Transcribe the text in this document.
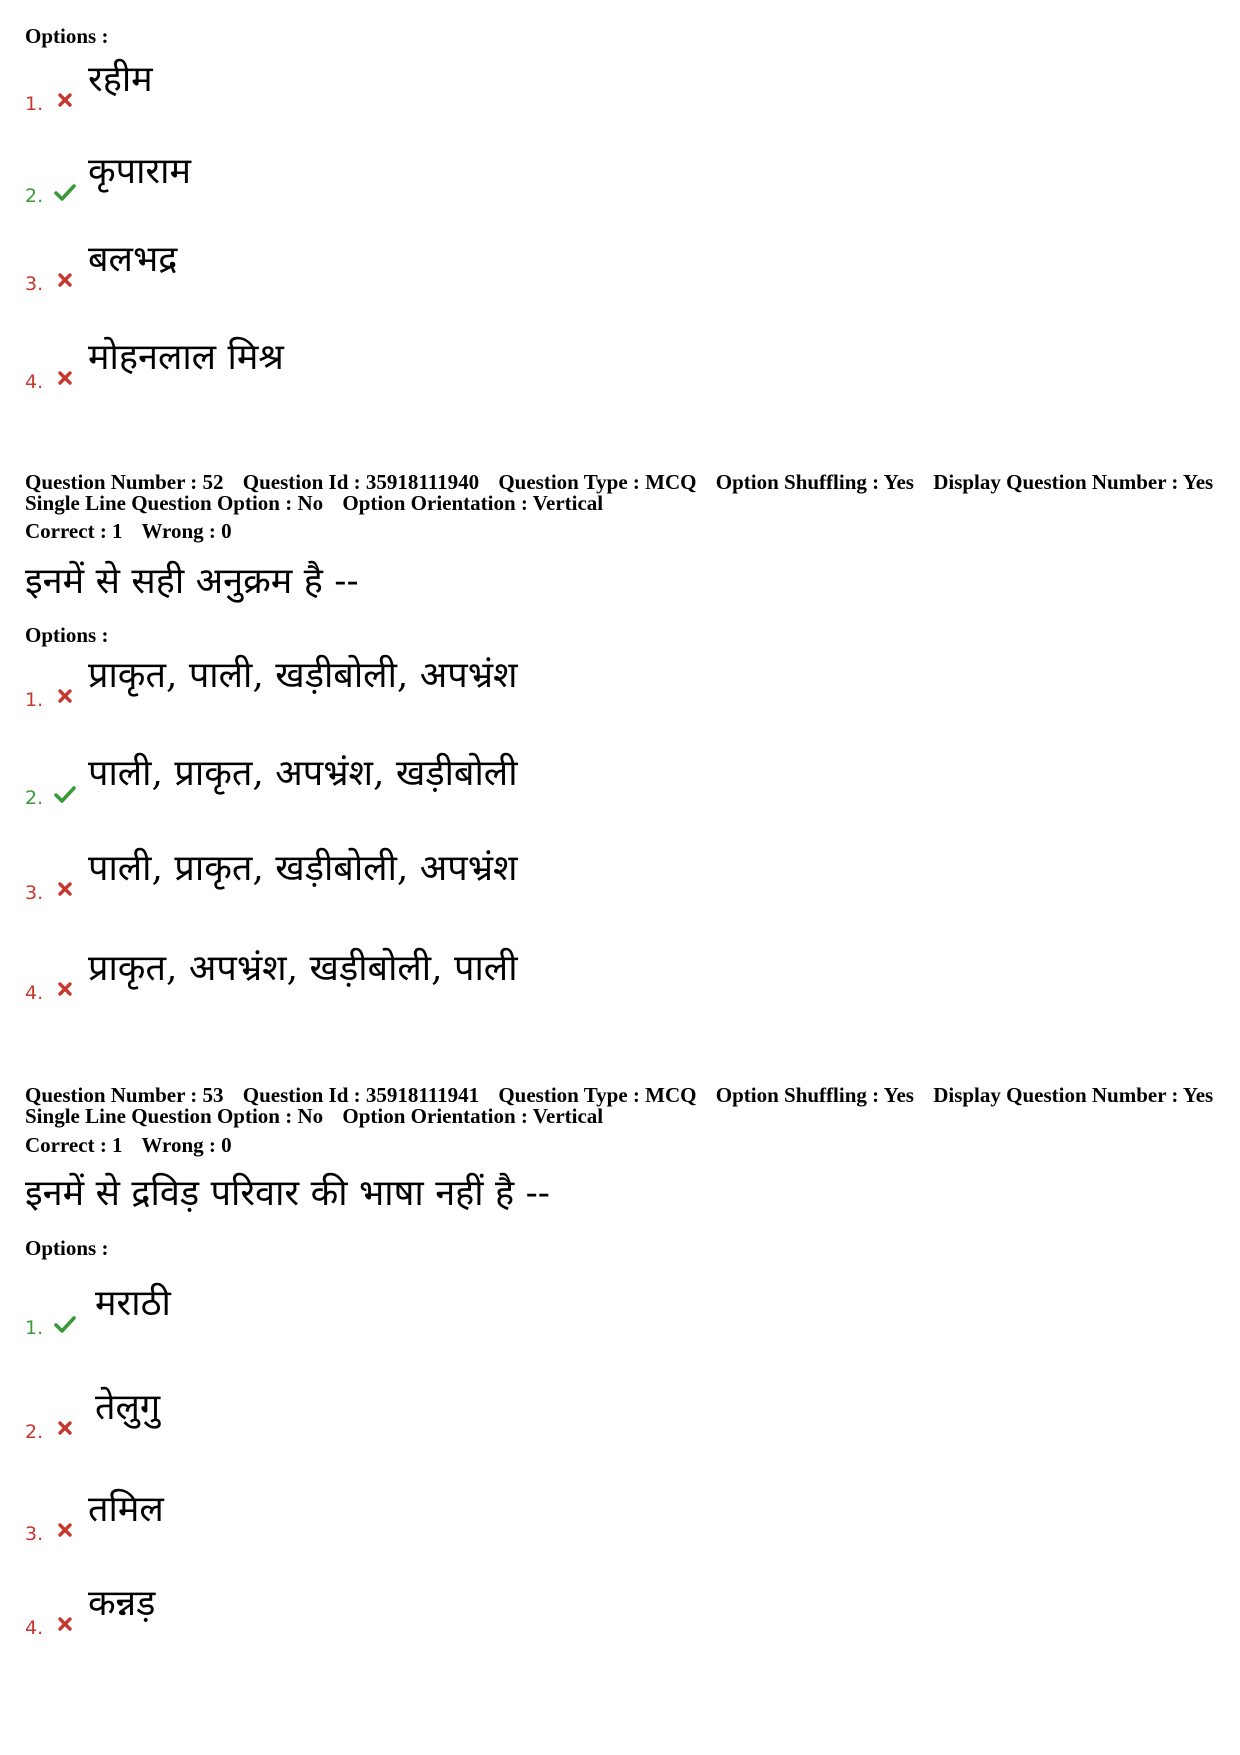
Options :
1.
रहीम
2.
कृपाराम
3.
बलभद्र
4.
मोहनलाल मिश्र
Question Number : 52 Question Id : 35918111940 Question Type : MCQ Option Shuffling : Yes Display Question Number : Yes
Single Line Question Option : No Option Orientation : Vertical
Correct : 1 Wrong : 0
इनमें से सही अनुक्रम है --
Options :
1.
प्राकृत, पाली, खड़ीबोली, अपभ्रंश
2.
पाली, प्राकृत, अपभ्रंश, खड़ीबोली
3.
पाली, प्राकृत, खड़ीबोली, अपभ्रंश
4.
प्राकृत, अपभ्रंश, खड़ीबोली, पाली
Question Number : 53 Question Id : 35918111941 Question Type : MCQ Option Shuffling : Yes Display Question Number : Yes
Single Line Question Option : No Option Orientation : Vertical
Correct : 1 Wrong : 0
इनमें से द्रविड़ परिवार की भाषा नहीं है --
Options :
1.
मराठी
2.
तेलुगु
3.
तमिल
4.
कन्नड़
